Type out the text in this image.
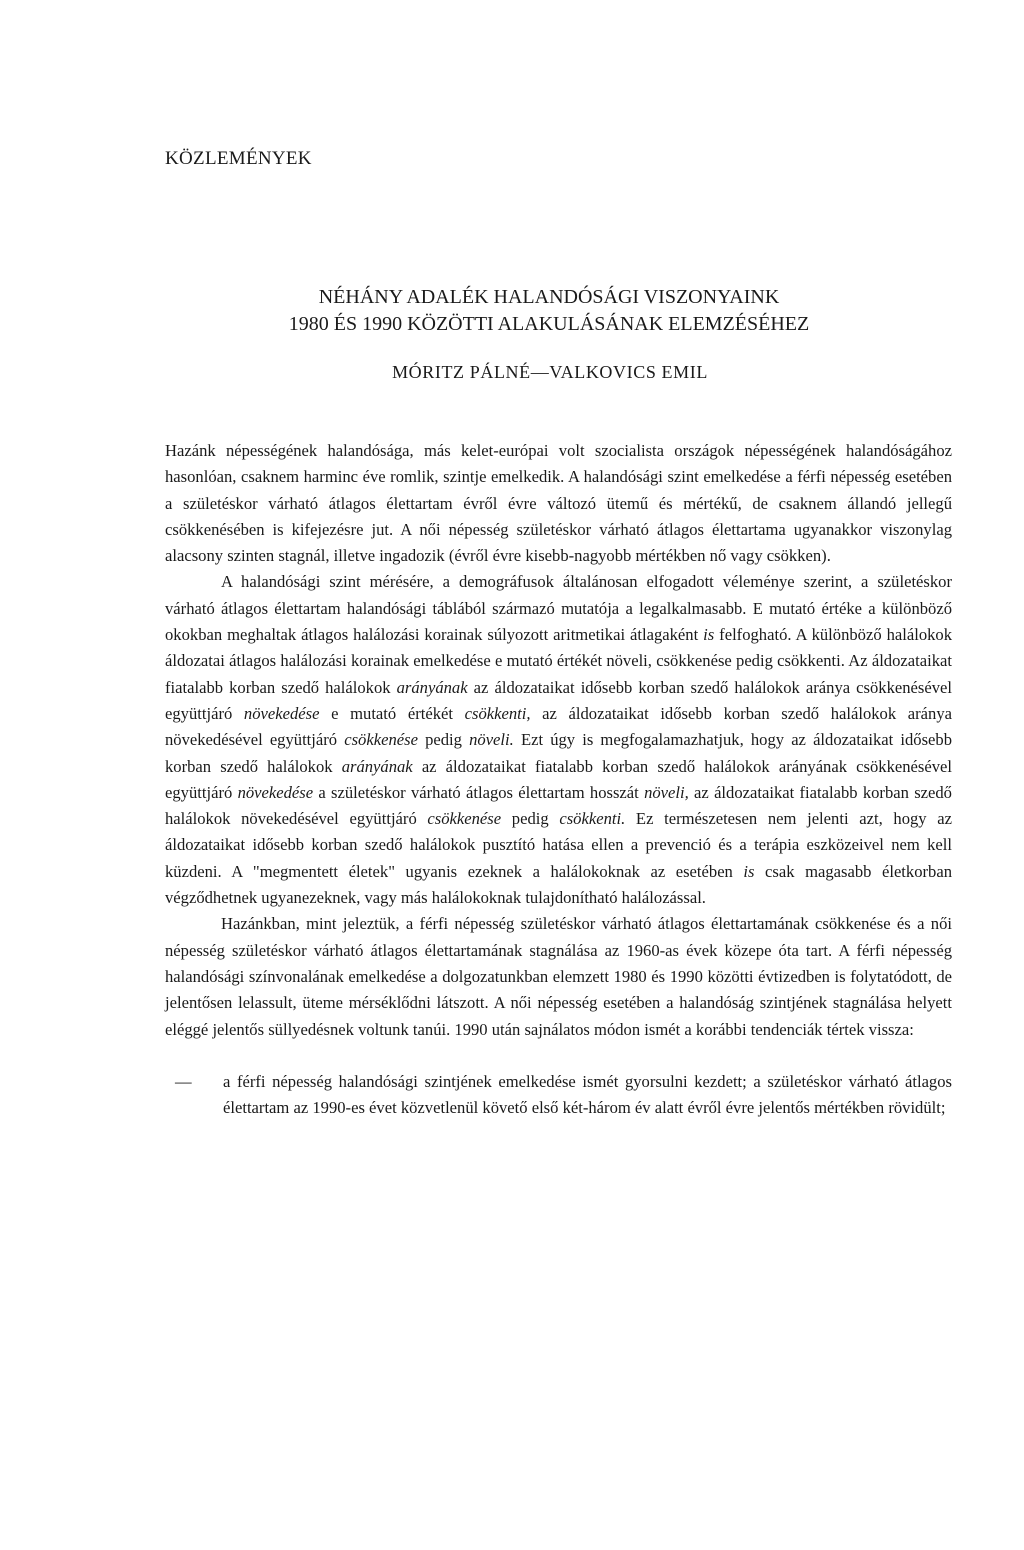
KÖZLEMÉNYEK
NÉHÁNY ADALÉK HALANDÓSÁGI VISZONYAINK
1980 ÉS 1990 KÖZÖTTI ALAKULÁSÁNAK ELEMZÉSÉHEZ
MÓRITZ PÁLNÉ—VALKOVICS EMIL

Hazánk népességének halandósága, más kelet-európai volt szocialista országok népességének halandóságához hasonlóan, csaknem harminc éve romlik, szintje emelkedik. A halandósági szint emelkedése a férfi népesség esetében a születéskor várható átlagos élettartam évről évre változó ütemű és mértékű, de csaknem állandó jellegű csökkenésében is kifejezésre jut. A női népesség születéskor várható átlagos élettartama ugyanakkor viszonylag alacsony szinten stagnál, illetve ingadozik (évről évre kisebb-nagyobb mértékben nő vagy csökken).

A halandósági szint mérésére, a demográfusok általánosan elfogadott véleménye szerint, a születéskor várható átlagos élettartam halandósági táblából származó mutatója a legalkalmasabb. E mutató értéke a különböző okokban meghaltak átlagos halálozási korainak súlyozott aritmetikai átlagaként is felfogható. A különböző halálokok áldozatai átlagos halálozási korainak emelkedése e mutató értékét növeli, csökkenése pedig csökkenti. Az áldozataikat fiatalabb korban szedő halálokok arányának az áldozataikat idősebb korban szedő halálokok aránya csökkenésével együttjáró növekedése e mutató értékét csökkenti, az áldozataikat idősebb korban szedő halálokok aránya növekedésével együttjáró csökkenése pedig növeli. Ezt úgy is megfogalamazhatjuk, hogy az áldozataikat idősebb korban szedő halálokok arányának az áldozataikat fiatalabb korban szedő halálokok arányának csökkenésével együttjáró növekedése a születéskor várható átlagos élettartam hosszát növeli, az áldozataikat fiatalabb korban szedő halálokok növekedésével együttjáró csökkenése pedig csökkenti. Ez természetesen nem jelenti azt, hogy az áldozataikat idősebb korban szedő halálokok pusztító hatása ellen a prevenció és a terápia eszközeivel nem kell küzdeni. A "megmentett életek" ugyanis ezeknek a halálokoknak az esetében is csak magasabb életkorban végződhetnek ugyanezeknek, vagy más halálokoknak tulajdonítható halálozással.

Hazánkban, mint jeleztük, a férfi népesség születéskor várható átlagos élettartamának csökkenése és a női népesség születéskor várható átlagos élettartamának stagnálása az 1960-as évek közepe óta tart. A férfi népesség halandósági színvonalának emelkedése a dolgozatunkban elemzett 1980 és 1990 közötti évtizedben is folytatódott, de jelentősen lelassult, üteme mérséklődni látszott. A női népesség esetében a halandóság szintjének stagnálása helyett eléggé jelentős süllyedésnek voltunk tanúi. 1990 után sajnálatos módon ismét a korábbi tendenciák tértek vissza:

— a férfi népesség halandósági szintjének emelkedése ismét gyorsulni kezdett; a születéskor várható átlagos élettartam az 1990-es évet közvetlenül követő első két-három év alatt évről évre jelentős mértékben rövidült;
